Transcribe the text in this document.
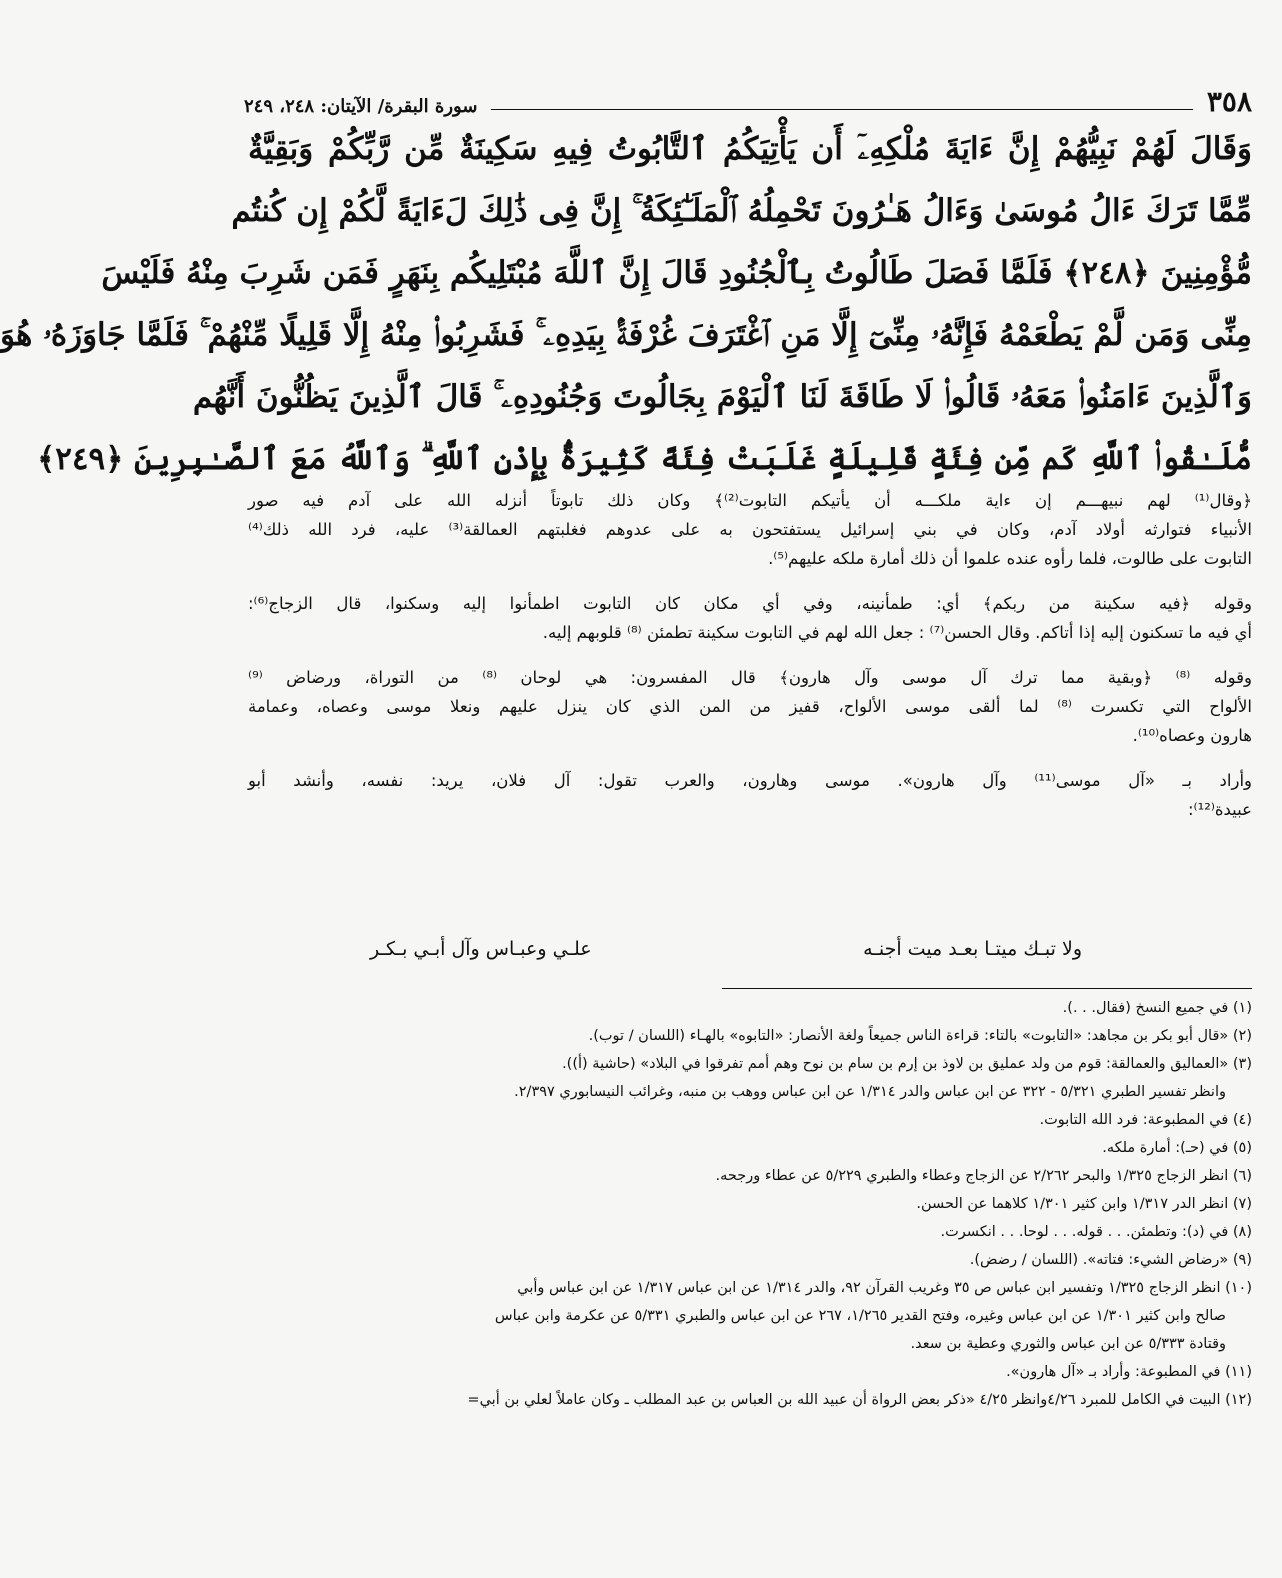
٣٥٨
سورة البقرة/ الآيتان: ٢٤٨، ٢٤٩
وَقَالَ لَهُمْ نَبِيُّهُمْ إِنَّ ءَايَةَ مُلْكِهِۦٓ أَن يَأْتِيَكُمُ ٱلتَّابُوتُ فِيهِ سَكِينَةٌ مِّن رَّبِّكُمْ وَبَقِيَّةٌ
مِّمَّا تَرَكَ ءَالُ مُوسَىٰ وَءَالُ هَـٰرُونَ تَحْمِلُهُ ٱلْمَلَـٰٓئِكَةُ ۚ إِنَّ فِى ذَٰلِكَ لَءَايَةً لَّكُمْ إِن كُنتُم
مُّؤْمِنِينَ ﴿٢٤٨﴾ فَلَمَّا فَصَلَ طَالُوتُ بِٱلْجُنُودِ قَالَ إِنَّ ٱللَّهَ مُبْتَلِيكُم بِنَهَرٍ فَمَن شَرِبَ مِنْهُ فَلَيْسَ
مِنِّى وَمَن لَّمْ يَطْعَمْهُ فَإِنَّهُۥ مِنِّىٓ إِلَّا مَنِ ٱغْتَرَفَ غُرْفَةًۢ بِيَدِهِۦ ۚ فَشَرِبُوا۟ مِنْهُ إِلَّا قَلِيلًا مِّنْهُمْ ۚ فَلَمَّا جَاوَزَهُۥ هُوَ
وَٱلَّذِينَ ءَامَنُوا۟ مَعَهُۥ قَالُوا۟ لَا طَاقَةَ لَنَا ٱلْيَوْمَ بِجَالُوتَ وَجُنُودِهِۦ ۚ قَالَ ٱلَّذِينَ يَظُنُّونَ أَنَّهُم
مُّلَـٰقُوا۟ ٱللَّهِ كَم مِّن فِئَةٍ قَلِيلَةٍ غَلَبَتْ فِئَةً كَثِيرَةًۢ بِإِذْنِ ٱللَّهِ ۗ وَٱللَّهُ مَعَ ٱلصَّـٰبِرِينَ ﴿٢٤٩﴾
﴿وقال⁽¹⁾ لهم نبيهـــم إن ءاية ملكـــه أن يأتيكم التابوت⁽²⁾﴾ وكان ذلك تابوتاً أنزله الله على آدم فيه صور
الأنبياء فتوارثه أولاد آدم، وكان في بني إسرائيل يستفتحون به على عدوهم فغلبتهم العمالقة⁽³⁾ عليه، فرد الله ذلك⁽⁴⁾
التابوت على طالوت، فلما رأوه عنده علموا أن ذلك أمارة ملكه عليهم⁽⁵⁾.
وقوله ﴿فيه سكينة من ربكم﴾ أي: طمأنينه، وفي أي مكان كان التابوت اطمأنوا إليه وسكنوا، قال الزجاج⁽⁶⁾:
أي فيه ما تسكنون إليه إذا أتاكم. وقال الحسن⁽⁷⁾ : جعل الله لهم في التابوت سكينة تطمئن ⁽⁸⁾ قلوبهم إليه.
وقوله ⁽⁸⁾ ﴿وبقية مما ترك آل موسى وآل هارون﴾ قال المفسرون: هي لوحان ⁽⁸⁾ من التوراة، ورضاض ⁽⁹⁾
الألواح التي تكسرت ⁽⁸⁾ لما ألقى موسى الألواح، قفيز من المن الذي كان ينزل عليهم ونعلا موسى وعصاه، وعمامة
هارون وعصاه⁽¹⁰⁾.
وأراد بـ «آل موسى⁽¹¹⁾ وآل هارون». موسى وهارون، والعرب تقول: آل فلان، يريد: نفسه، وأنشد أبو
عبيدة⁽¹²⁾:
ولا تبـك ميتـا بعـد ميت أجنـه
علـي وعبـاس وآل أبـي بـكـر
(١) في جميع النسخ (فقال. . .).
(٢) «قال أبو بكر بن مجاهد: «التابوت» بالتاء: قراءة الناس جميعاً ولغة الأنصار: «التابوه» بالهـاء (اللسان / توب).
(٣) «العماليق والعمالقة: قوم من ولد عمليق بن لاوذ بن إرم بن سام بن نوح وهم أمم تفرقوا في البلاد» (حاشية (أ)).
وانظر تفسير الطبري ٥/٣٢١ - ٣٢٢ عن ابن عباس والدر ١/٣١٤ عن ابن عباس ووهب بن منبه، وغرائب النيسابوري ٢/٣٩٧.
(٤) في المطبوعة: فرد الله التابوت.
(٥) في (حـ): أمارة ملكه.
(٦) انظر الزجاج ١/٣٢٥ والبحر ٢/٢٦٢ عن الزجاج وعطاء والطبري ٥/٢٢٩ عن عطاء ورجحه.
(٧) انظر الدر ١/٣١٧ وابن كثير ١/٣٠١ كلاهما عن الحسن.
(٨) في (د): وتطمئن. . . قوله. . . لوحا. . . انكسرت.
(٩) «رضاض الشيء: فتاته». (اللسان / رضض).
(١٠) انظر الزجاج ١/٣٢٥ وتفسير ابن عباس ص ٣٥ وغريب القرآن ٩٢، والدر ١/٣١٤ عن ابن عباس ١/٣١٧ عن ابن عباس وأبي
صالح وابن كثير ١/٣٠١ عن ابن عباس وغيره، وفتح القدير ١/٢٦٥، ٢٦٧ عن ابن عباس والطبري ٥/٣٣١ عن عكرمة وابن عباس
وقتادة ٥/٣٣٣ عن ابن عباس والثوري وعطية بن سعد.
(١١) في المطبوعة: وأراد بـ «آل هارون».
(١٢) البيت في الكامل للمبرد ٤/٢٦وانظر ٤/٢٥ «ذكر بعض الرواة أن عبيد الله بن العباس بن عبد المطلب ـ وكان عاملاً لعلي بن أبي=
